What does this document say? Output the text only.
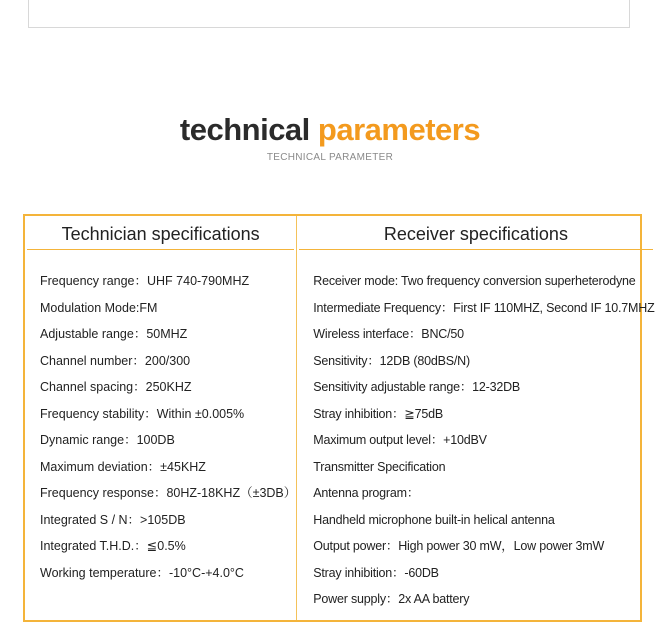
technical parameters
TECHNICAL PARAMETER
Technician specifications
Frequency range：UHF 740-790MHZ
Modulation Mode:FM
Adjustable range：50MHZ
Channel number：200/300
Channel spacing：250KHZ
Frequency stability：Within ±0.005%
Dynamic range：100DB
Maximum deviation：±45KHZ
Frequency response：80HZ-18KHZ（±3DB）
Integrated S / N：>105DB
Integrated T.H.D.：≦0.5%
Working temperature：-10°C-+4.0°C
Receiver specifications
Receiver mode: Two frequency conversion superheterodyne
Intermediate Frequency：First IF 110MHZ, Second IF 10.7MHZ
Wireless interface：BNC/50
Sensitivity：12DB (80dBS/N)
Sensitivity adjustable range：12-32DB
Stray inhibition：≧75dB
Maximum output level：+10dBV
Transmitter Specification
Antenna program：
Handheld microphone built-in helical antenna
Output power：High power 30 mW，Low power 3mW
Stray inhibition：-60DB
Power supply：2x AA battery
